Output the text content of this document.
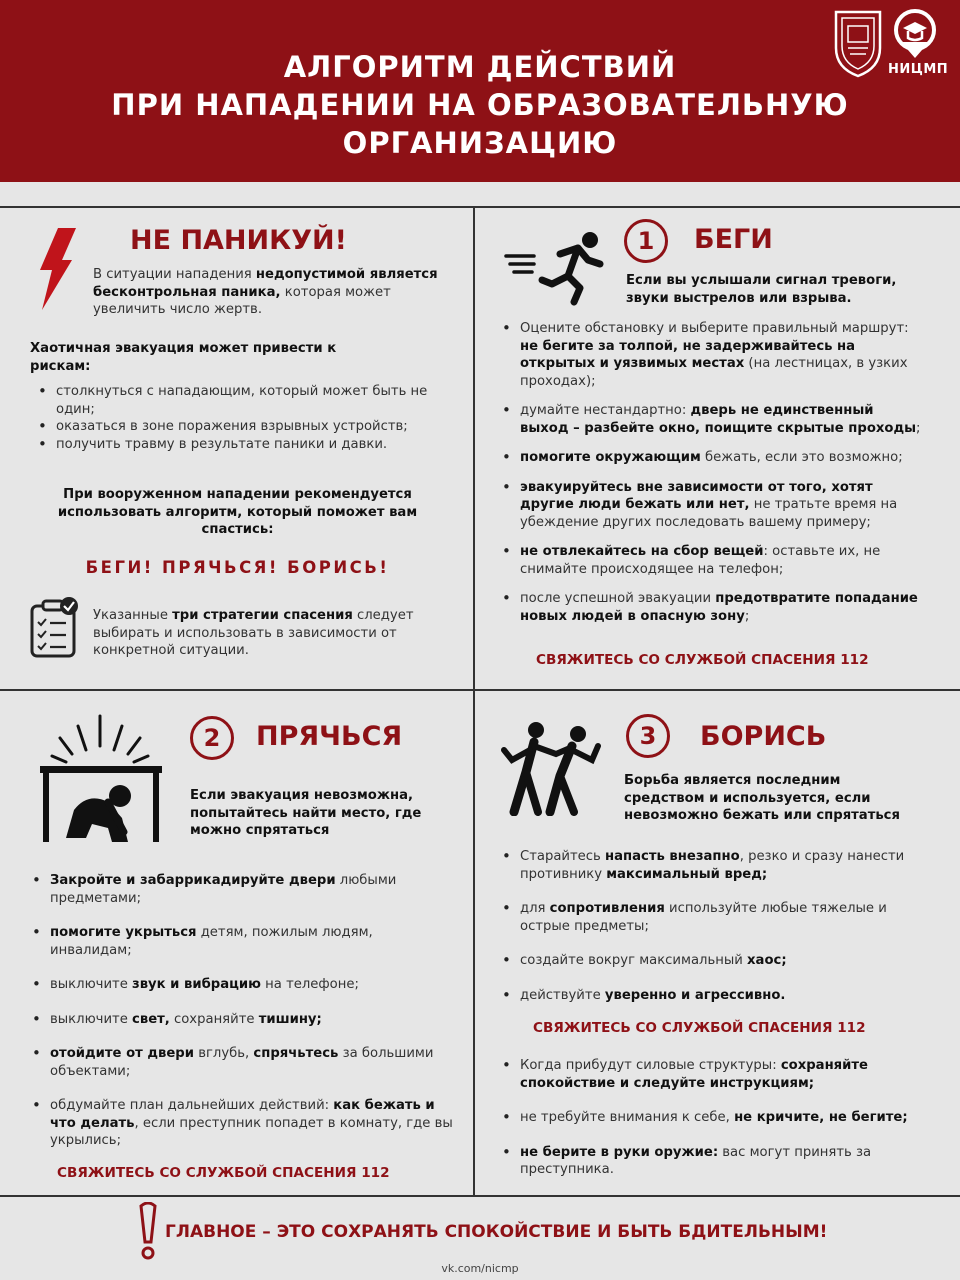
АЛГОРИТМ ДЕЙСТВИЙ
ПРИ НАПАДЕНИИ НА ОБРАЗОВАТЕЛЬНУЮ
ОРГАНИЗАЦИЮ
НИЦМП
НЕ ПАНИКУЙ!

В ситуации нападения недопустимой является бесконтрольная паника, которая может увеличить число жертв.

Хаотичная эвакуация может привести к рискам:

• столкнуться с нападающим, который может быть не один;
• оказаться в зоне поражения взрывных устройств;
• получить травму в результате паники и давки.

При вооруженном нападении рекомендуется использовать алгоритм, который поможет вам спастись:

БЕГИ! ПРЯЧЬСЯ! БОРИСЬ!

Указанные три стратегии спасения следует выбирать и использовать в зависимости от конкретной ситуации.

1	БЕГИ

Если вы услышали сигнал тревоги, звуки выстрелов или взрыва.

• Оцените обстановку и выберите правильный маршрут: не бегите за толпой, не задерживайтесь на открытых и уязвимых местах (на лестницах, в узких проходах);
• думайте нестандартно: дверь не единственный выход – разбейте окно, поищите скрытые проходы;
• помогите окружающим бежать, если это возможно;
• эвакуируйтесь вне зависимости от того, хотят другие люди бежать или нет, не тратьте время на убеждение других последовать вашему примеру;
• не отвлекайтесь на сбор вещей: оставьте их, не снимайте происходящее на телефон;
• после успешной эвакуации предотвратите попадание новых людей в опасную зону;
СВЯЖИТЕСЬ СО СЛУЖБОЙ СПАСЕНИЯ 112
2	ПРЯЧЬСЯ

Если эвакуация невозможна, попытайтесь найти место, где можно спрятаться

• Закройте и забаррикадируйте двери любыми предметами;
• помогите укрыться детям, пожилым людям, инвалидам;
• выключите звук и вибрацию на телефоне;
• выключите свет, сохраняйте тишину;
• отойдите от двери вглубь, спрячьтесь за большими объектами;
• обдумайте план дальнейших действий: как бежать и что делать, если преступник попадет в комнату, где вы укрылись;
СВЯЖИТЕСЬ СО СЛУЖБОЙ СПАСЕНИЯ 112
3	БОРИСЬ

Борьба является последним средством и используется, если невозможно бежать или спрятаться

• Старайтесь напасть внезапно, резко и сразу нанести противнику максимальный вред;
• для сопротивления используйте любые тяжелые и острые предметы;
• создайте вокруг максимальный хаос;
• действуйте уверенно и агрессивно.
СВЯЖИТЕСЬ СО СЛУЖБОЙ СПАСЕНИЯ 112
• Когда прибудут силовые структуры: сохраняйте спокойствие и следуйте инструкциям;
• не требуйте внимания к себе, не кричите, не бегите;
• не берите в руки оружие: вас могут принять за преступника.
ГЛАВНОЕ – ЭТО СОХРАНЯТЬ СПОКОЙСТВИЕ И БЫТЬ БДИТЕЛЬНЫМ!
vk.com/nicmp
